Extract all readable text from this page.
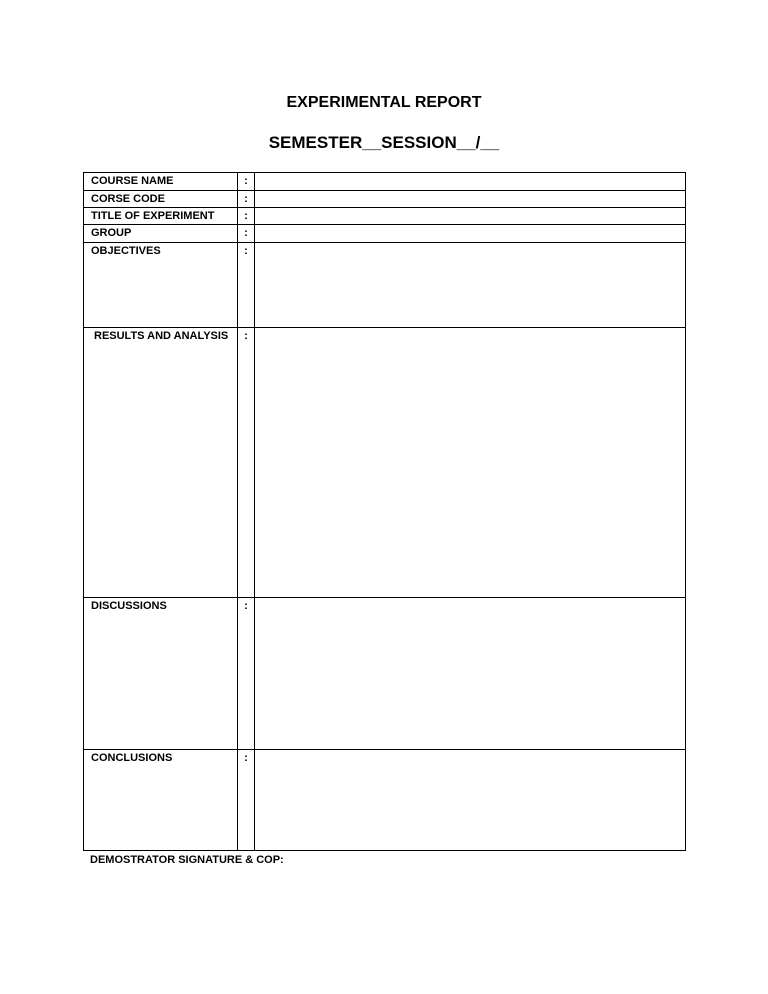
EXPERIMENTAL REPORT
SEMESTER__SESSION__/__
COURSE NAME	:	
CORSE CODE	:	
TITLE OF EXPERIMENT	:	
GROUP	:	
OBJECTIVES	:	
RESULTS AND ANALYSIS	:	
DISCUSSIONS	:	
CONCLUSIONS	:	

DEMOSTRATOR SIGNATURE & COP:
